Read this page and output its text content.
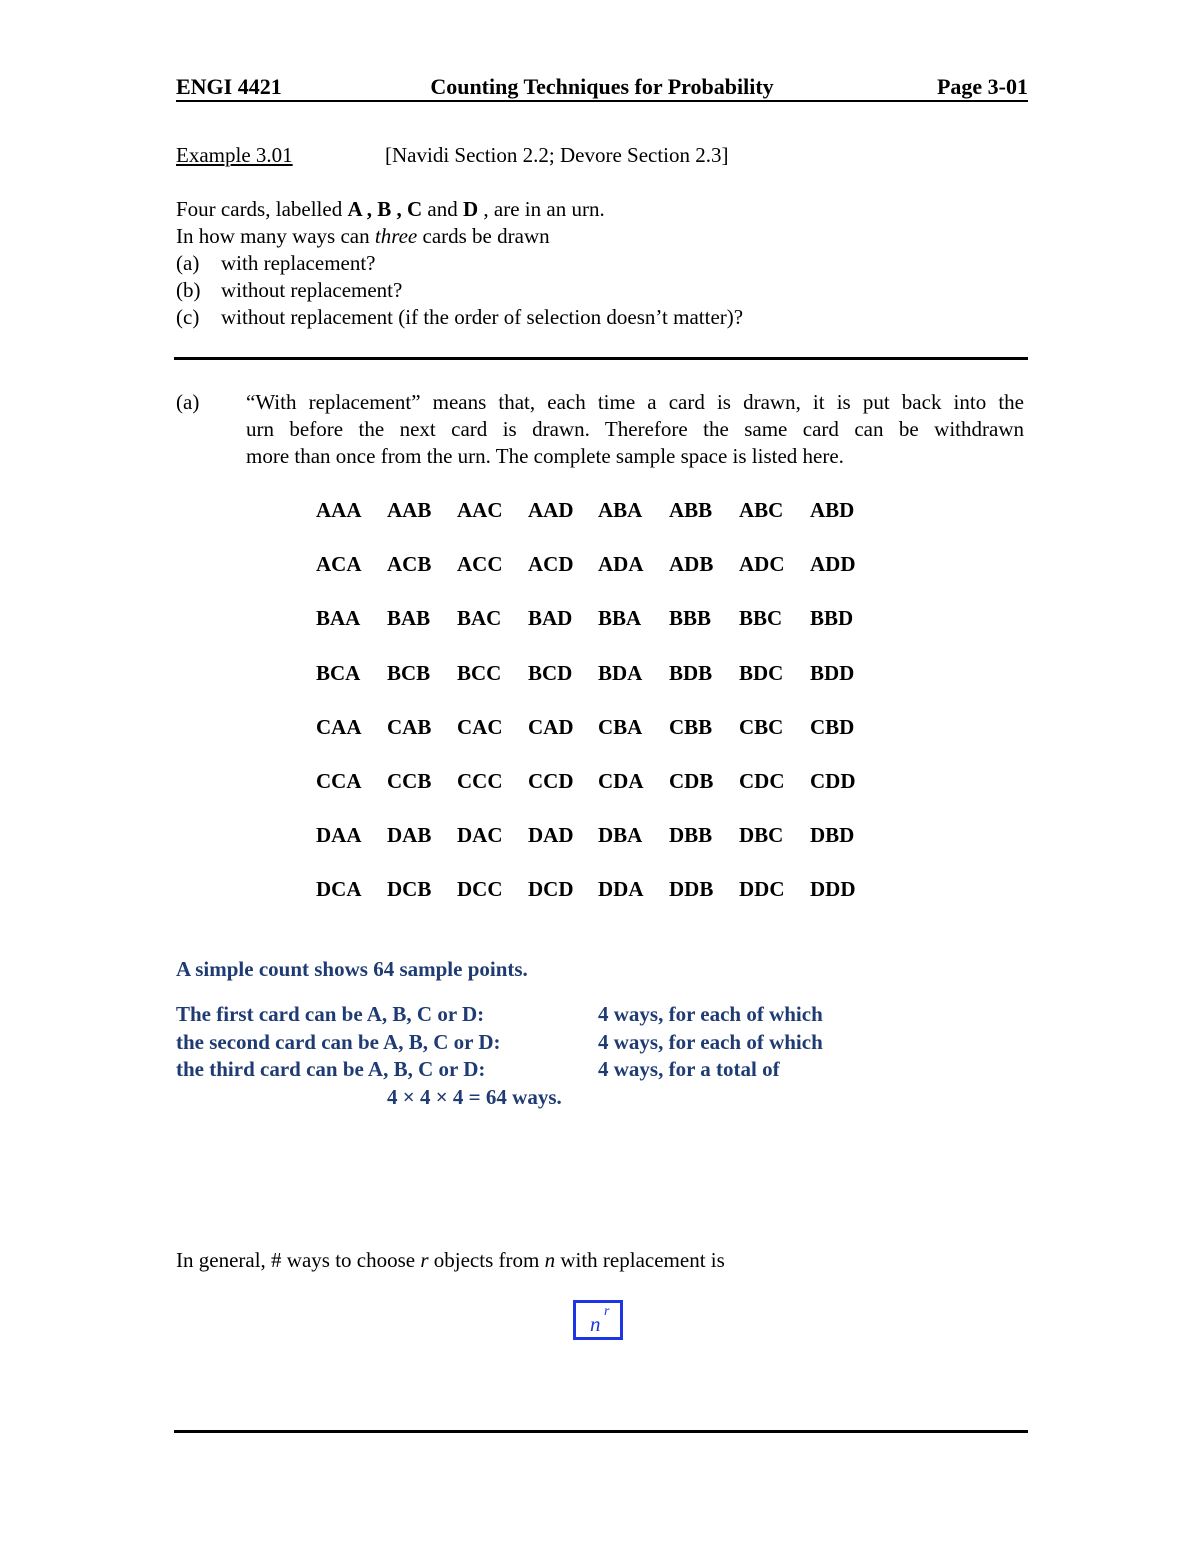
ENGI 4421	Counting Techniques for Probability	Page 3-01
Example 3.01	[Navidi Section 2.2; Devore Section 2.3]
Four cards, labelled A , B , C and D , are in an urn.
In how many ways can three cards be drawn
(a) with replacement?
(b) without replacement?
(c) without replacement (if the order of selection doesn’t matter)?
(a) “With replacement” means that, each time a card is drawn, it is put back into the
urn before the next card is drawn. Therefore the same card can be withdrawn
more than once from the urn. The complete sample space is listed here.
AAA AAB AAC AAD ABA ABB ABC ABD
ACA ACB ACC ACD ADA ADB ADC ADD
BAA BAB BAC BAD BBA BBB BBC BBD
BCA BCB BCC BCD BDA BDB BDC BDD
CAA CAB CAC CAD CBA CBB CBC CBD
CCA CCB CCC CCD CDA CDB CDC CDD
DAA DAB DAC DAD DBA DBB DBC DBD
DCA DCB DCC DCD DDA DDB DDC DDD
A simple count shows 64 sample points.
The first card can be A, B, C or D:	4 ways, for each of which
the second card can be A, B, C or D:	4 ways, for each of which
the third card can be A, B, C or D:	4 ways, for a total of
4 × 4 × 4 = 64 ways.
In general, # ways to choose r objects from n with replacement is
n
r
